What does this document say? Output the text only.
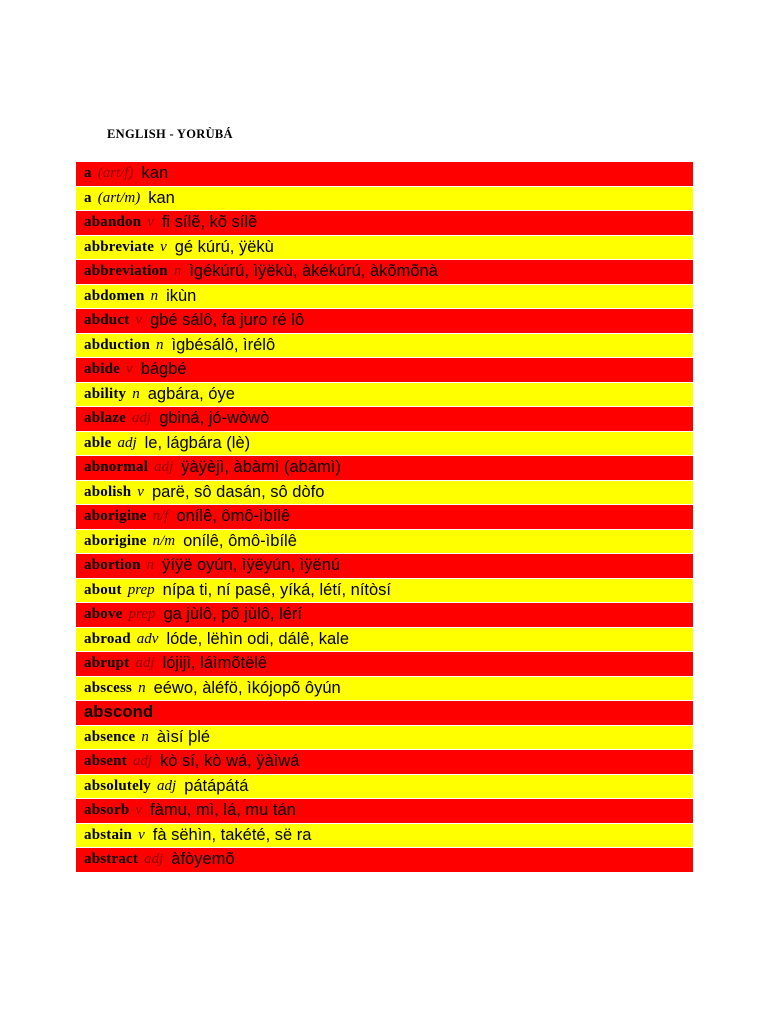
ENGLISH - YORÙBÁ
a (art/f) kan
a (art/m) kan
abandon v fi sílẽ, kõ sílẽ
abbreviate v gé kúrú, ÿëkù
abbreviation n ìgékúrú, ìÿëkù, àkékúrú, àkõmõnà
abdomen n ikùn
abduct v gbé sálô, fa juro ré lô
abduction n ìgbésálô, ìrélô
abide v bágbé
ability n agbára, óye
ablaze adj gbiná, jó-wòwò
able adj le, lágbára (lè)
abnormal adj ÿàÿèjì, àbàmì (abàmì)
abolish v parë, sô dasán, sô dòfo
aborigine n/f onílê, ômô-ìbílê
aborigine n/m onílê, ômô-ìbílê
abortion n ÿíÿë oyún, ìÿëyún, ìÿënú
about prep nípa ti, ní pasê, yíká, létí, nítòsí
above prep ga jùlô, põ jùlô, lérí
abroad adv lóde, lëhìn odi, dálê, kale
abrupt adj lójijì, láìmõtëlê
abscess n eéwo, àléfö, ìkójopõ ôyún
abscond
absence n àìsí þlé
absent adj kò sí, kò wá, ÿàìwá
absolutely adj pátápátá
absorb v fàmu, mì, lá, mu tán
abstain v fà sëhìn, takété, së ra
abstract adj àfòyemõ
